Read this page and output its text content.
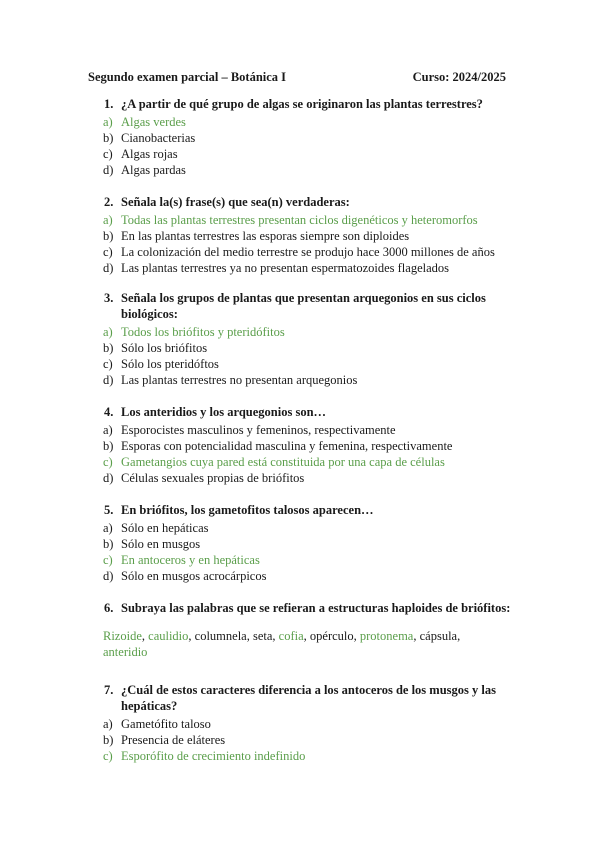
Segundo examen parcial – Botánica I	Curso: 2024/2025
1. ¿A partir de qué grupo de algas se originaron las plantas terrestres?
a) Algas verdes
b) Cianobacterias
c) Algas rojas
d) Algas pardas
2. Señala la(s) frase(s) que sea(n) verdaderas:
a) Todas las plantas terrestres presentan ciclos digenéticos y heteromorfos
b) En las plantas terrestres las esporas siempre son diploides
c) La colonización del medio terrestre se produjo hace 3000 millones de años
d) Las plantas terrestres ya no presentan espermatozoides flagelados
3. Señala los grupos de plantas que presentan arquegonios en sus ciclos biológicos:
a) Todos los briófitos y pteridófitos
b) Sólo los briófitos
c) Sólo los pteridóftos
d) Las plantas terrestres no presentan arquegonios
4. Los anteridios y los arquegonios son…
a) Esporocistes masculinos y femeninos, respectivamente
b) Esporas con potencialidad masculina y femenina, respectivamente
c) Gametangios cuya pared está constituida por una capa de células
d) Células sexuales propias de briófitos
5. En briófitos, los gametofitos talosos aparecen…
a) Sólo en hepáticas
b) Sólo en musgos
c) En antoceros y en hepáticas
d) Sólo en musgos acrocárpicos
6. Subraya las palabras que se refieran a estructuras haploides de briófitos:
Rizoide, caulidio, columnela, seta, cofia, opérculo, protonema, cápsula, anteridio
7. ¿Cuál de estos caracteres diferencia a los antoceros de los musgos y las hepáticas?
a) Gametófito taloso
b) Presencia de eláteres
c) Esporófito de crecimiento indefinido
